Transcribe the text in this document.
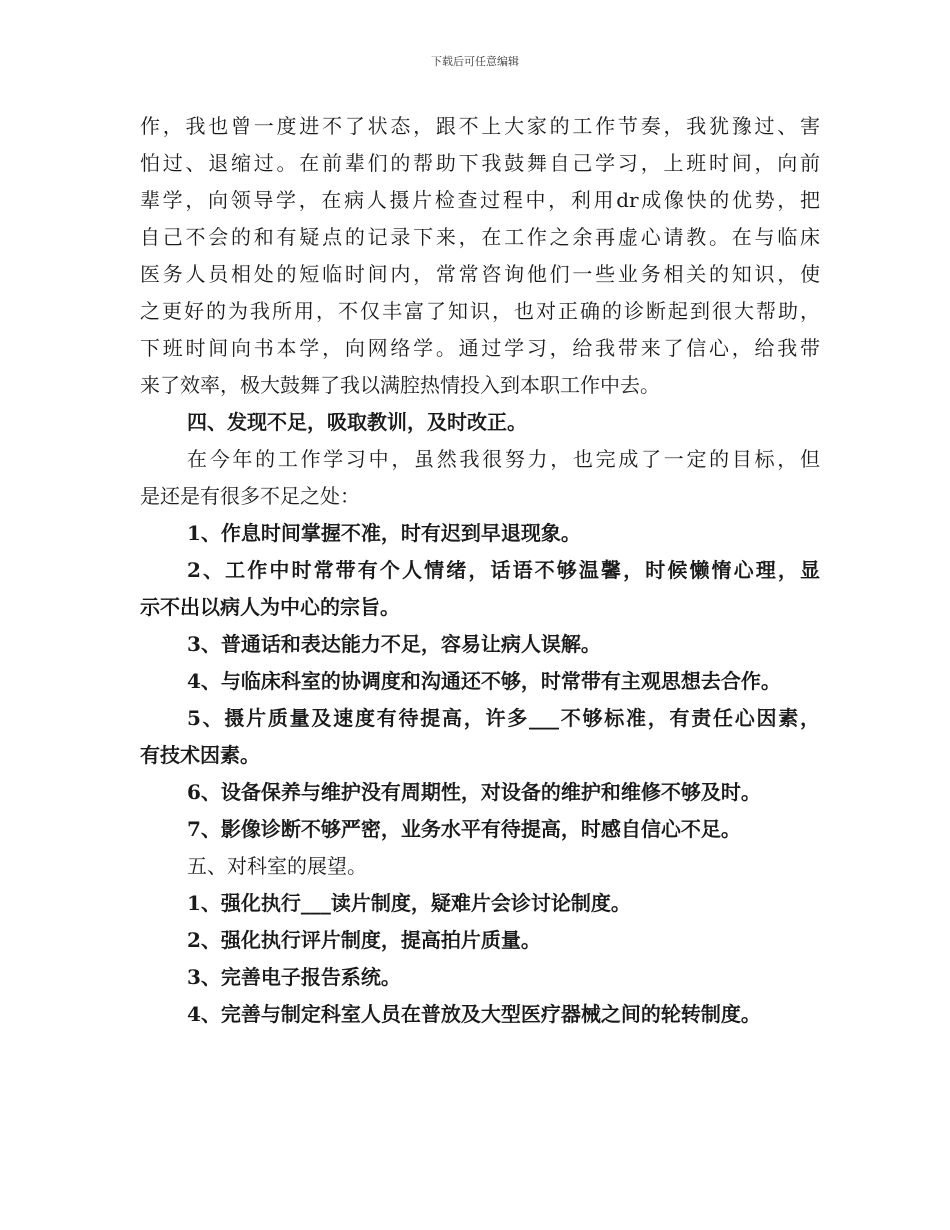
下载后可任意编辑
作，我也曾一度进不了状态，跟不上大家的工作节奏，我犹豫过、害
怕过、退缩过。在前辈们的帮助下我鼓舞自己学习，上班时间，向前
辈学，向领导学，在病人摄片检查过程中，利用dr成像快的优势，把
自己不会的和有疑点的记录下来，在工作之余再虚心请教。在与临床
医务人员相处的短临时间内，常常咨询他们一些业务相关的知识，使
之更好的为我所用，不仅丰富了知识，也对正确的诊断起到很大帮助，
下班时间向书本学，向网络学。通过学习，给我带来了信心，给我带
来了效率，极大鼓舞了我以满腔热情投入到本职工作中去。
四、发现不足，吸取教训，及时改正。
在今年的工作学习中，虽然我很努力，也完成了一定的目标，但
是还是有很多不足之处：
1、作息时间掌握不准，时有迟到早退现象。
2、工作中时常带有个人情绪，话语不够温馨，时候懒惰心理，显
示不出以病人为中心的宗旨。
3、普通话和表达能力不足，容易让病人误解。
4、与临床科室的协调度和沟通还不够，时常带有主观思想去合作。
5、摄片质量及速度有待提高，许多___不够标准，有责任心因素，
有技术因素。
6、设备保养与维护没有周期性，对设备的维护和维修不够及时。
7、影像诊断不够严密，业务水平有待提高，时感自信心不足。
五、对科室的展望。
1、强化执行___读片制度，疑难片会诊讨论制度。
2、强化执行评片制度，提高拍片质量。
3、完善电子报告系统。
4、完善与制定科室人员在普放及大型医疗器械之间的轮转制度。
